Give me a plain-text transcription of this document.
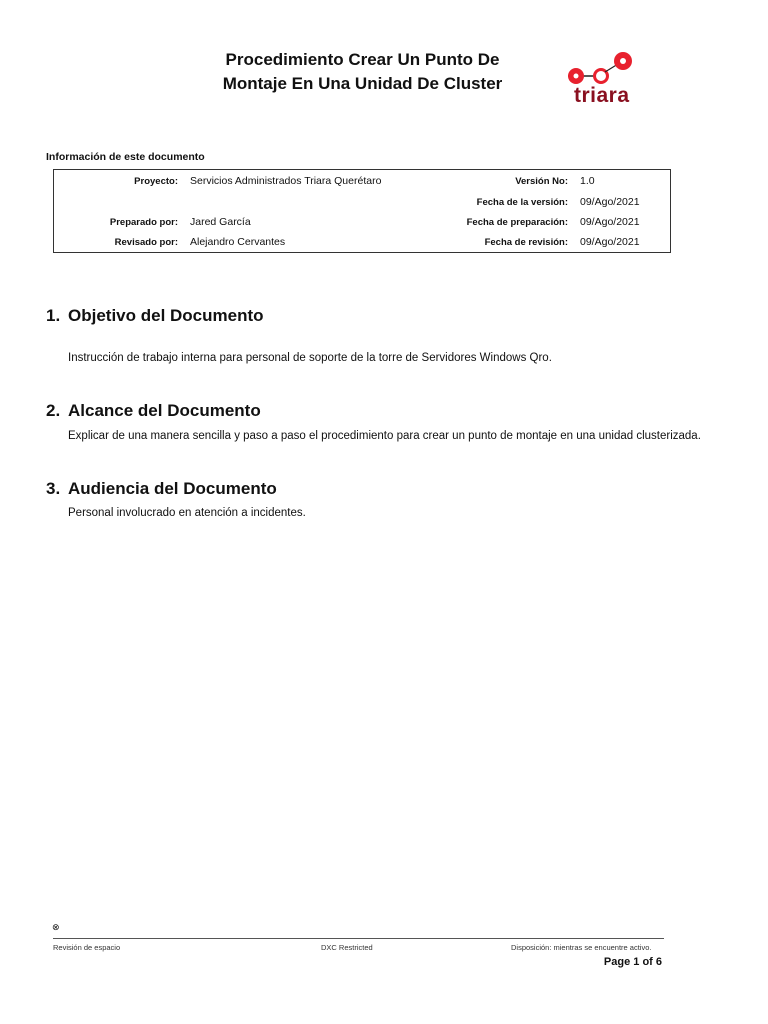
Procedimiento Crear Un Punto De
Montaje En Una Unidad De Cluster
triara
Información de este documento
Proyecto: Servicios Administrados Triara Querétaro	Versión No: 1.0
Fecha de la versión: 09/Ago/2021
Preparado por: Jared García	Fecha de preparación: 09/Ago/2021
Revisado por: Alejandro Cervantes	Fecha de revisión: 09/Ago/2021
1. Objetivo del Documento
Instrucción de trabajo interna para personal de soporte de la torre de Servidores Windows Qro.
2. Alcance del Documento
Explicar de una manera sencilla y paso a paso el procedimiento para crear un punto de montaje en una unidad clusterizada.
3. Audiencia del Documento
Personal involucrado en atención a incidentes.
⊗
Revisión de espacio	DXC Restricted	Disposición: mientras se encuentre activo.
Page 1 of 6
